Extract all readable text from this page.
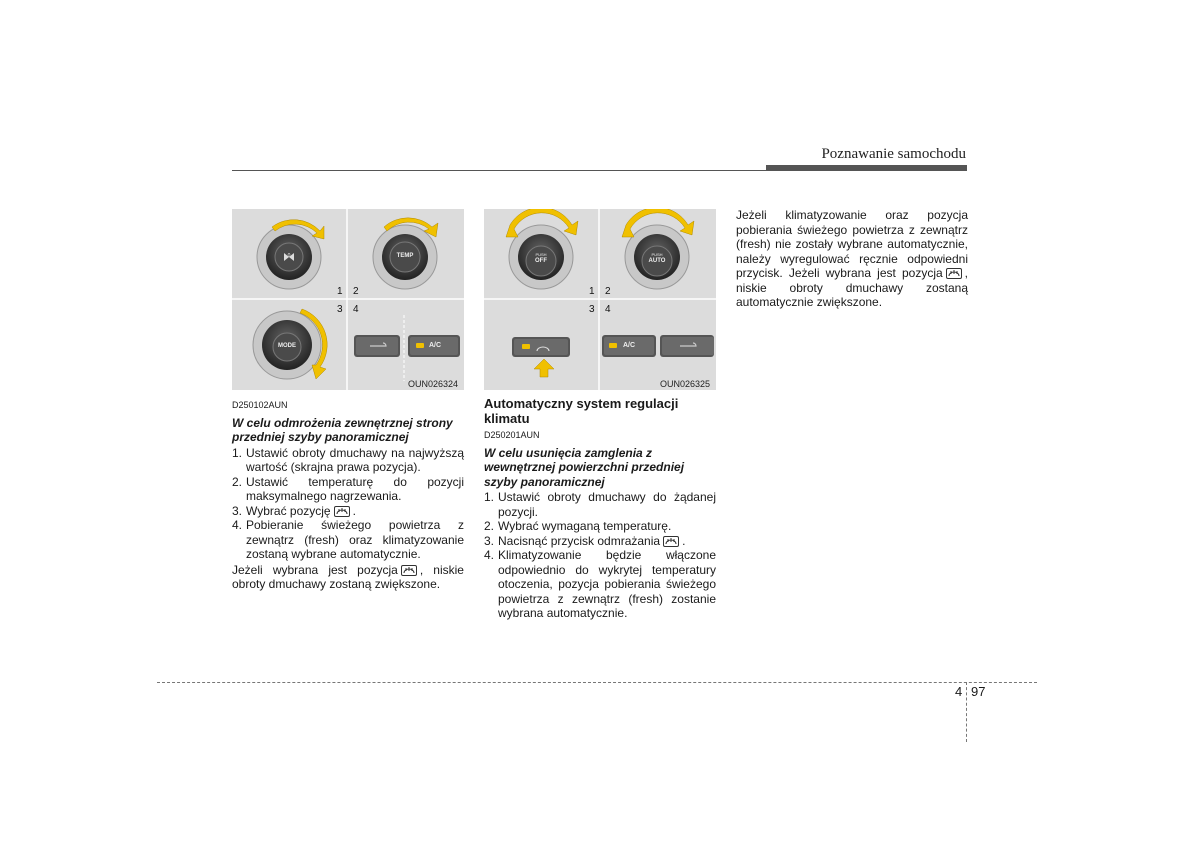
Poznawanie samochodu
0	TEMP
MODE	A/C
1 2
3 4
OUN026324
PUSH
OFF
PUSH
AUTO
A/C
1 2
3 4
OUN026325
D250102AUN
W celu odmrożenia zewnętrznej strony przedniej szyby panoramicznej
1. Ustawić obroty dmuchawy na najwyższą wartość (skrajna prawa pozycja).
2. Ustawić temperaturę do pozycji maksymalnego nagrzewania.
3. Wybrać pozycję .
4. Pobieranie świeżego powietrza z zewnątrz (fresh) oraz klimatyzowanie zostaną wybrane automatycznie.
Jeżeli wybrana jest pozycja , niskie obroty dmuchawy zostaną zwiększone.
Automatyczny system regulacji klimatu
D250201AUN
W celu usunięcia zamglenia z wewnętrznej powierzchni przedniej szyby panoramicznej
1. Ustawić obroty dmuchawy do żądanej pozycji.
2. Wybrać wymaganą temperaturę.
3. Nacisnąć przycisk odmrażania .
4. Klimatyzowanie będzie włączone odpowiednio do wykrytej temperatury otoczenia, pozycja pobierania świeżego powietrza z zewnątrz (fresh) zostanie wybrana automatycznie.
Jeżeli klimatyzowanie oraz pozycja pobierania świeżego powietrza z zewnątrz (fresh) nie zostały wybrane automatycznie, należy wyregulować ręcznie odpowiedni przycisk. Jeżeli wybrana jest pozycja , niskie obroty dmuchawy zostaną automatycznie zwiększone.
4 97
